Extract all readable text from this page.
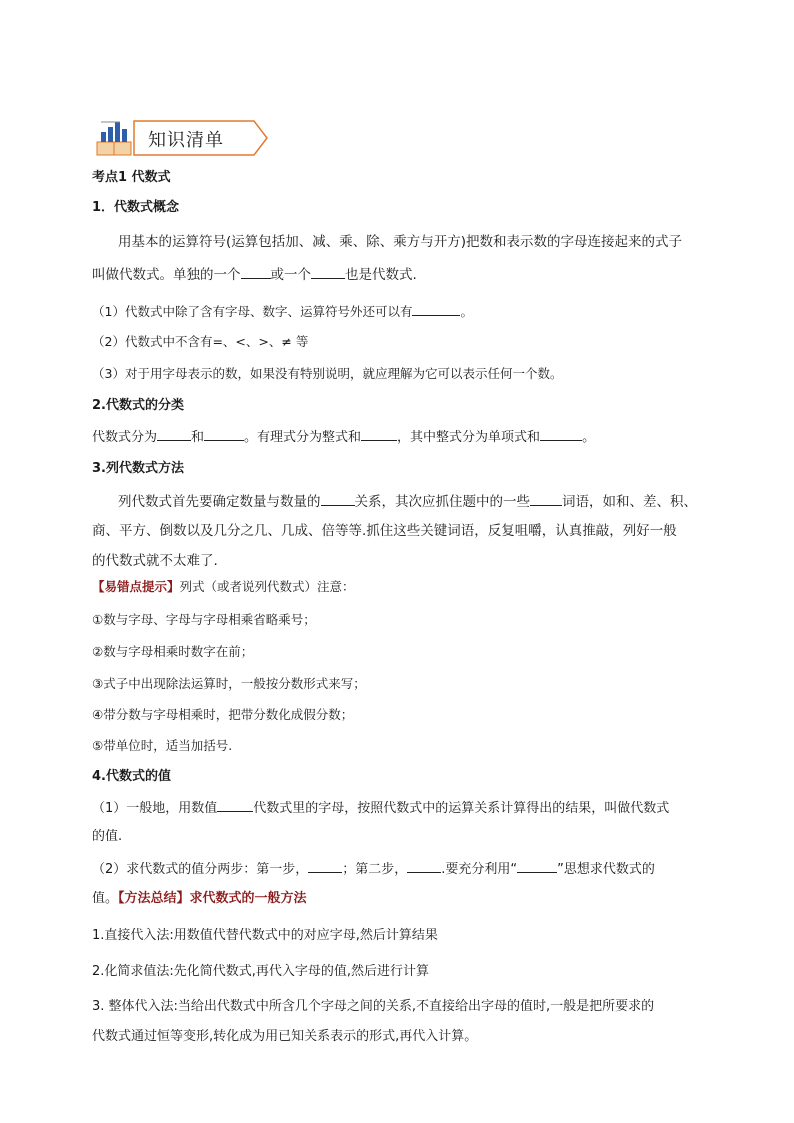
知识清单
考点1 代数式
1．代数式概念
用基本的运算符号(运算包括加、减、乘、除、乘方与开方)把数和表示数的字母连接起来的式子
叫做代数式。单独的一个 或一个	也是代数式.
（1）代数式中除了含有字母、数字、运算符号外还可以有	。
（2）代数式中不含有=、<、>、≠ 等
（3）对于用字母表示的数，如果没有特别说明，就应理解为它可以表示任何一个数。
2.代数式的分类
代数式分为	和	。有理式分为整式和	，其中整式分为单项式和	。
3.列代数式方法
列代数式首先要确定数量与数量的	关系，其次应抓住题中的一些 词语，如和、差、积、
商、平方、倒数以及几分之几、几成、倍等等.抓住这些关键词语，反复咀嚼，认真推敲，列好一般
的代数式就不太难了.
【易错点提示】列式（或者说列代数式）注意：
①数与字母、字母与字母相乘省略乘号；
②数与字母相乘时数字在前；
③式子中出现除法运算时，一般按分数形式来写；
④带分数与字母相乘时，把带分数化成假分数；
⑤带单位时，适当加括号.
4.代数式的值
（1）一般地，用数值	代数式里的字母，按照代数式中的运算关系计算得出的结果，叫做代数式
的值.
（2）求代数式的值分两步：第一步，	；第二步，	.要充分利用“	”思想求代数式的
值。【方法总结】求代数式的一般方法
1.直接代入法:用数值代替代数式中的对应字母,然后计算结果
2.化简求值法:先化简代数式,再代入字母的值,然后进行计算
3. 整体代入法:当给出代数式中所含几个字母之间的关系,不直接给出字母的值时,一般是把所要求的
代数式通过恒等变形,转化成为用已知关系表示的形式,再代入计算。
